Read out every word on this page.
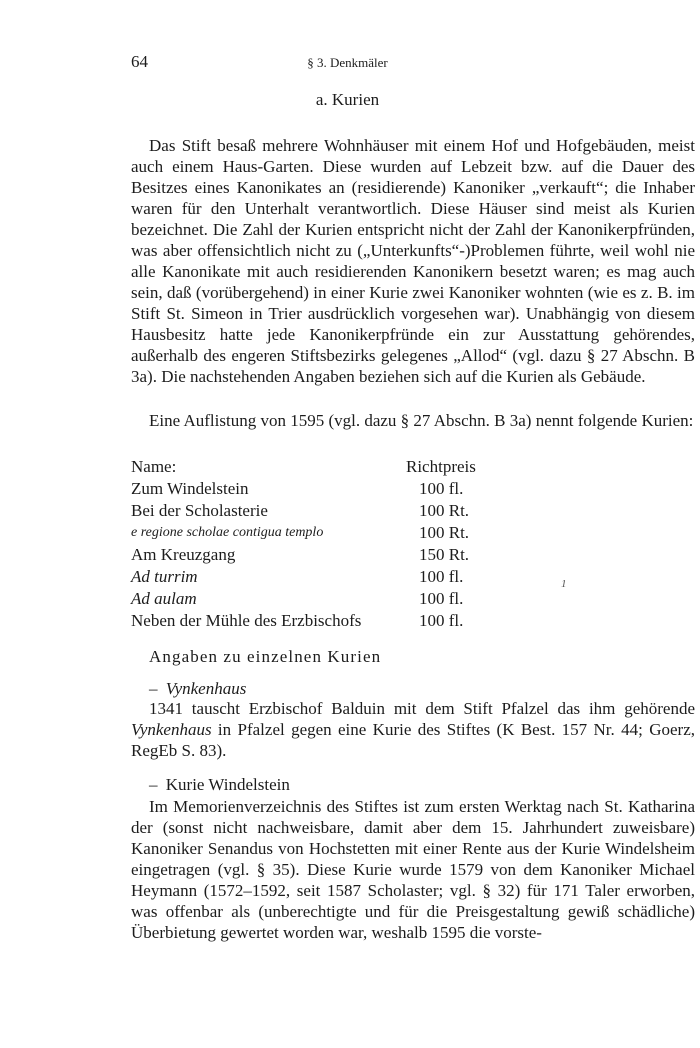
64	§ 3. Denkmäler
a. Kurien

Das Stift besaß mehrere Wohnhäuser mit einem Hof und Hofgebäuden, meist auch einem Haus-Garten. Diese wurden auf Lebzeit bzw. auf die Dauer des Besitzes eines Kanonikates an (residierende) Kanoniker „verkauft“; die Inhaber waren für den Unterhalt verantwortlich. Diese Häuser sind meist als Kurien bezeichnet. Die Zahl der Kurien entspricht nicht der Zahl der Kanonikerpfründen, was aber offensichtlich nicht zu („Unterkunfts“-)Problemen führte, weil wohl nie alle Kanonikate mit auch residierenden Kanonikern besetzt waren; es mag auch sein, daß (vorübergehend) in einer Kurie zwei Kanoniker wohnten (wie es z. B. im Stift St. Simeon in Trier ausdrücklich vorgesehen war). Unabhängig von diesem Hausbesitz hatte jede Kanonikerpfründe ein zur Ausstattung gehörendes, außerhalb des engeren Stiftsbezirks gelegenes „Allod“ (vgl. dazu § 27 Abschn. B 3a). Die nachstehenden Angaben beziehen sich auf die Kurien als Gebäude.

Eine Auflistung von 1595 (vgl. dazu § 27 Abschn. B 3a) nennt folgende Kurien:

Name:	Richtpreis
Zum Windelstein	100 fl.
Bei der Scholasterie	100 Rt.
e regione scholae contigua templo	100 Rt.
Am Kreuzgang	150 Rt.
Ad turrim	100 fl.
Ad aulam	100 fl.
Neben der Mühle des Erzbischofs	100 fl.
1
Angaben zu einzelnen Kurien
– Vynkenhaus

1341 tauscht Erzbischof Balduin mit dem Stift Pfalzel das ihm gehörende Vynkenhaus in Pfalzel gegen eine Kurie des Stiftes (K Best. 157 Nr. 44; Goerz, RegEb S. 83).

– Kurie Windelstein

Im Memorienverzeichnis des Stiftes ist zum ersten Werktag nach St. Katharina der (sonst nicht nachweisbare, damit aber dem 15. Jahrhundert zuweisbare) Kanoniker Senandus von Hochstetten mit einer Rente aus der Kurie Windelsheim eingetragen (vgl. § 35). Diese Kurie wurde 1579 von dem Kanoniker Michael Heymann (1572–1592, seit 1587 Scholaster; vgl. § 32) für 171 Taler erworben, was offenbar als (unberechtigte und für die Preisgestaltung gewiß schädliche) Überbietung gewertet worden war, weshalb 1595 die vorste-
